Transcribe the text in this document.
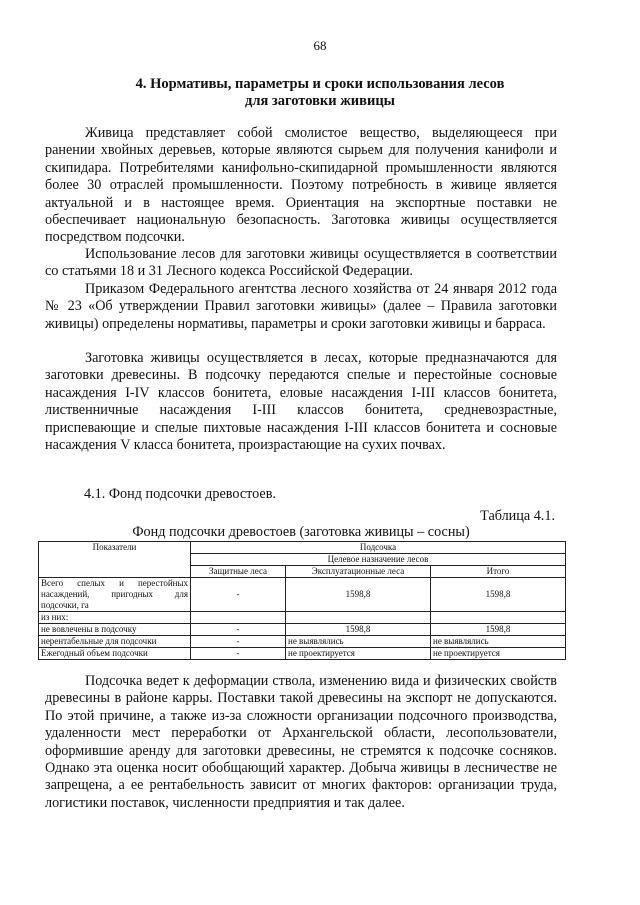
68
4. Нормативы, параметры и сроки использования лесов
для заготовки живицы

Живица представляет собой смолистое вещество, выделяющееся при ранении хвойных деревьев, которые являются сырьем для получения канифоли и скипидара. Потребителями канифольно-скипидарной промышленности являются более 30 отраслей промышленности. Поэтому потребность в живице является актуальной и в настоящее время. Ориентация на экспортные поставки не обеспечивает национальную безопасность. Заготовка живицы осуществляется посредством подсочки.

Использование лесов для заготовки живицы осуществляется в соответствии со статьями 18 и 31 Лесного кодекса Российской Федерации.

Приказом Федерального агентства лесного хозяйства от 24 января 2012 года № 23 «Об утверждении Правил заготовки живицы» (далее – Правила заготовки живицы) определены нормативы, параметры и сроки заготовки живицы и барраса.

Заготовка живицы осуществляется в лесах, которые предназначаются для заготовки древесины. В подсочку передаются спелые и перестойные сосновые насаждения I-IV классов бонитета, еловые насаждения I-III классов бонитета, лиственничные насаждения I-III классов бонитета, средневозрастные, приспевающие и спелые пихтовые насаждения I-III классов бонитета и сосновые насаждения V класса бонитета, произрастающие на сухих почвах.

4.1. Фонд подсочки древостоев.
Таблица 4.1.
Фонд подсочки древостоев (заготовка живицы – сосны)
Показатели	Подсочка		
	Целевое назначение лесов		
	Защитные леса	Эксплуатационные леса	Итого
Всего спелых и перестойных насаждений, пригодных для подсочки, га	-	1598,8	1598,8
из них:			
не вовлечены в подсочку	-	1598,8	1598,8
нерентабельные для подсочки	-	не выявлялись	не выявлялись
Ежегодный объем подсочки	-	не проектируется	не проектируется

Подсочка ведет к деформации ствола, изменению вида и физических свойств древесины в районе карры. Поставки такой древесины на экспорт не допускаются. По этой причине, а также из-за сложности организации подсочного производства, удаленности мест переработки от Архангельской области, лесопользователи, оформившие аренду для заготовки древесины, не стремятся к подсочке сосняков. Однако эта оценка носит обобщающий характер. Добыча живицы в лесничестве не запрещена, а ее рентабельность зависит от многих факторов: организации труда, логистики поставок, численности предприятия и так далее.
